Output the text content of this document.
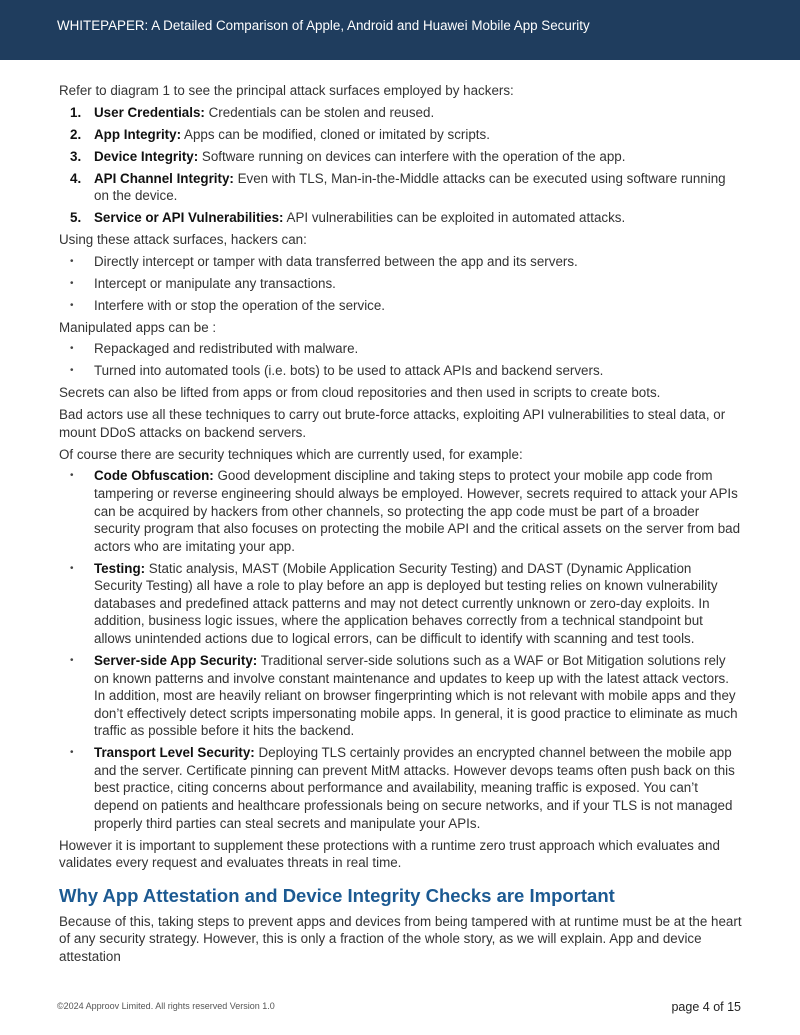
WHITEPAPER: A Detailed Comparison of Apple, Android and Huawei Mobile App Security

Refer to diagram 1 to see the principal attack surfaces employed by hackers:

1. User Credentials: Credentials can be stolen and reused.
2. App Integrity: Apps can be modified, cloned or imitated by scripts.
3. Device Integrity: Software running on devices can interfere with the operation of the app.
4. API Channel Integrity: Even with TLS, Man-in-the-Middle attacks can be executed using software running on the device.
5. Service or API Vulnerabilities: API vulnerabilities can be exploited in automated attacks.

Using these attack surfaces, hackers can:

• Directly intercept or tamper with data transferred between the app and its servers.
• Intercept or manipulate any transactions.
• Interfere with or stop the operation of the service.

Manipulated apps can be :

• Repackaged and redistributed with malware.
• Turned into automated tools (i.e. bots) to be used to attack APIs and backend servers.

Secrets can also be lifted from apps or from cloud repositories and then used in scripts to create bots.

Bad actors use all these techniques to carry out brute-force attacks, exploiting API vulnerabilities to steal data, or mount DDoS attacks on backend servers.

Of course there are security techniques which are currently used, for example:

• Code Obfuscation: Good development discipline and taking steps to protect your mobile app code from tampering or reverse engineering should always be employed. However, secrets required to attack your APIs can be acquired by hackers from other channels, so protecting the app code must be part of a broader security program that also focuses on protecting the mobile API and the critical assets on the server from bad actors who are imitating your app.
• Testing: Static analysis, MAST (Mobile Application Security Testing) and DAST (Dynamic Application Security Testing) all have a role to play before an app is deployed but testing relies on known vulnerability databases and predefined attack patterns and may not detect currently unknown or zero-day exploits. In addition, business logic issues, where the application behaves correctly from a technical standpoint but allows unintended actions due to logical errors, can be difficult to identify with scanning and test tools.
• Server-side App Security: Traditional server-side solutions such as a WAF or Bot Mitigation solutions rely on known patterns and involve constant maintenance and updates to keep up with the latest attack vectors. In addition, most are heavily reliant on browser fingerprinting which is not relevant with mobile apps and they don’t effectively detect scripts impersonating mobile apps. In general, it is good practice to eliminate as much traffic as possible before it hits the backend.
• Transport Level Security: Deploying TLS certainly provides an encrypted channel between the mobile app and the server. Certificate pinning can prevent MitM attacks. However devops teams often push back on this best practice, citing concerns about performance and availability, meaning traffic is exposed. You can’t depend on patients and healthcare professionals being on secure networks, and if your TLS is not managed properly third parties can steal secrets and manipulate your APIs.

However it is important to supplement these protections with a runtime zero trust approach which evaluates and validates every request and evaluates threats in real time.

Why App Attestation and Device Integrity Checks are Important

Because of this, taking steps to prevent apps and devices from being tampered with at runtime must be at the heart of any security strategy. However, this is only a fraction of the whole story, as we will explain. App and device attestation

©2024 Approov Limited. All rights reserved Version 1.0	page 4 of 15
